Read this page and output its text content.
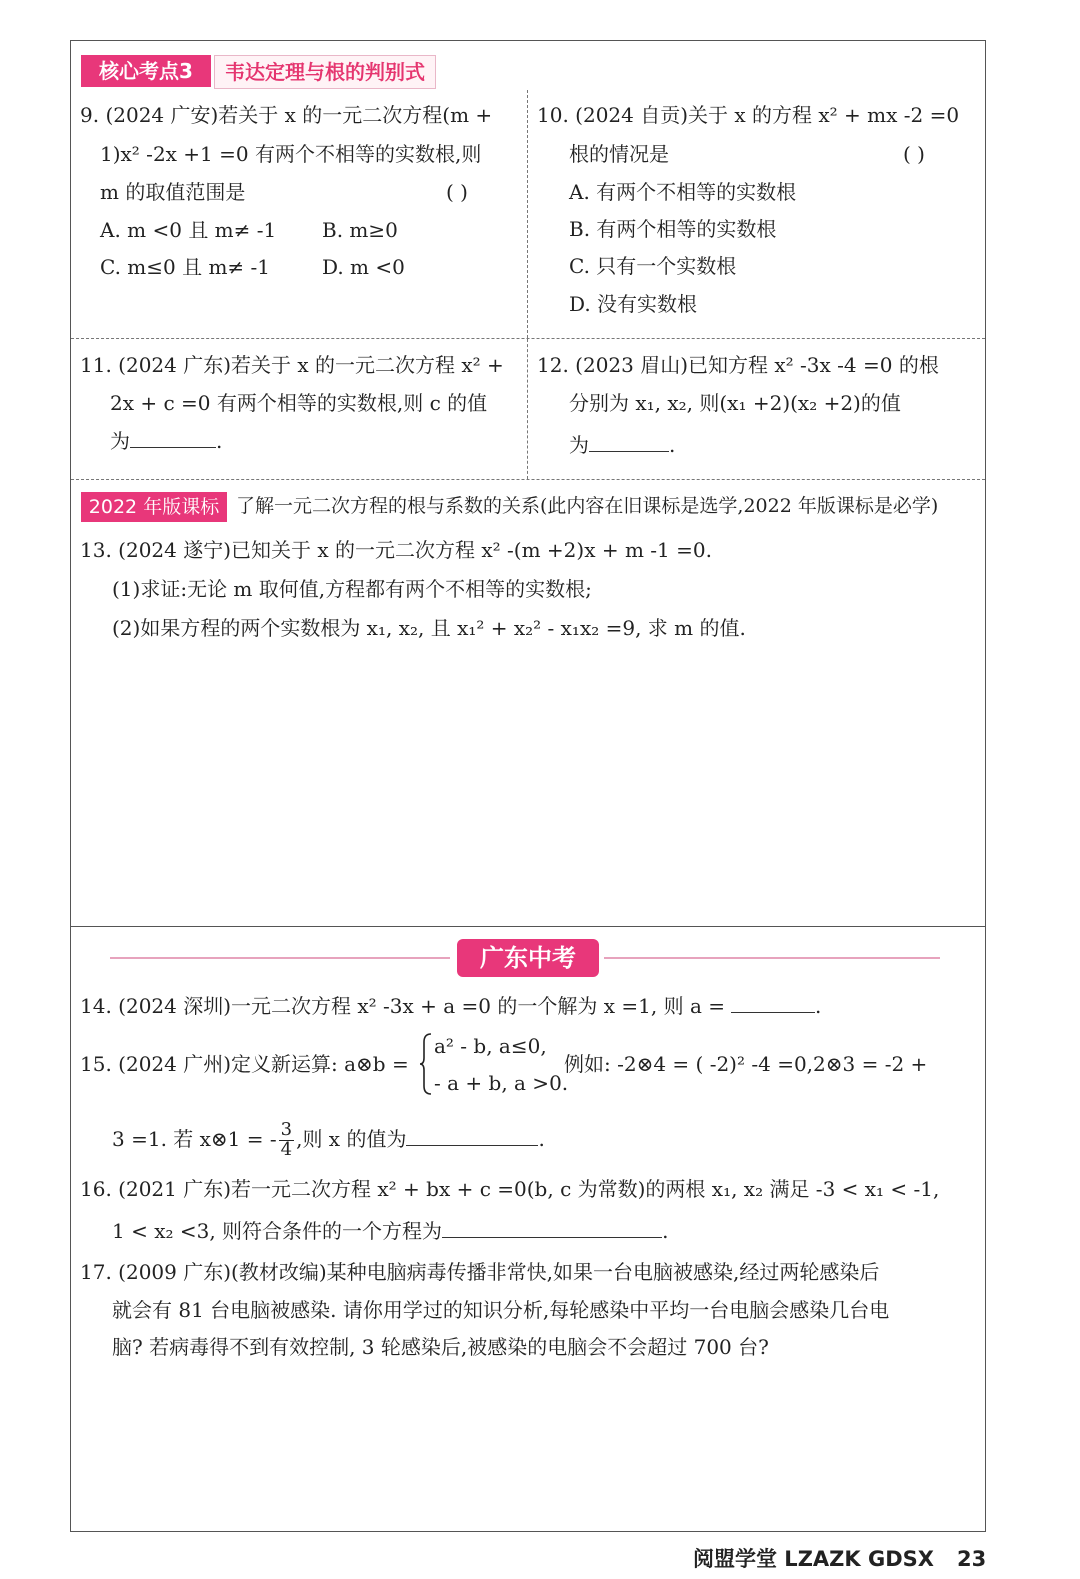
核心考点3	韦达定理与根的判别式
9. (2024 广安)若关于 x 的一元二次方程(m +
1)x² -2x +1 =0 有两个不相等的实数根,则
m 的取值范围是	( )
A. m <0 且 m≠ -1 B. m≥0
C. m≤0 且 m≠ -1	D. m <0
10. (2024 自贡)关于 x 的方程 x² + mx -2 =0
根的情况是	( )
A. 有两个不相等的实数根
B. 有两个相等的实数根
C. 只有一个实数根
D. 没有实数根
11. (2024 广东)若关于 x 的一元二次方程 x² +
2x + c =0 有两个相等的实数根,则 c 的值
为	.
12. (2023 眉山)已知方程 x² -3x -4 =0 的根
分别为 x₁, x₂, 则(x₁ +2)(x₂ +2)的值
为	.
2022 年版课标 了解一元二次方程的根与系数的关系(此内容在旧课标是选学,2022 年版课标是必学)
13. (2024 遂宁)已知关于 x 的一元二次方程 x² -(m +2)x + m -1 =0.
(1)求证:无论 m 取何值,方程都有两个不相等的实数根;
(2)如果方程的两个实数根为 x₁, x₂, 且 x₁² + x₂² - x₁x₂ =9, 求 m 的值.
广东中考
14. (2024 深圳)一元二次方程 x² -3x + a =0 的一个解为 x =1, 则 a =	.
15. (2024 广州)定义新运算: a⊗b =
a² - b, a≤0,
- a + b, a >0.
例如: -2⊗4 = ( -2)² -4 =0,2⊗3 = -2 +
3 =1. 若 x⊗1 = - $\frac{3}{4}$ ,则 x 的值为	.
16. (2021 广东)若一元二次方程 x² + bx + c =0(b, c 为常数)的两根 x₁, x₂ 满足 -3 < x₁ < -1,
1 < x₂ <3, 则符合条件的一个方程为	.
17. (2009 广东)(教材改编)某种电脑病毒传播非常快,如果一台电脑被感染,经过两轮感染后
就会有 81 台电脑被感染. 请你用学过的知识分析,每轮感染中平均一台电脑会感染几台电
脑? 若病毒得不到有效控制, 3 轮感染后,被感染的电脑会不会超过 700 台?
阅盟学堂 LZAZK GDSX 23
